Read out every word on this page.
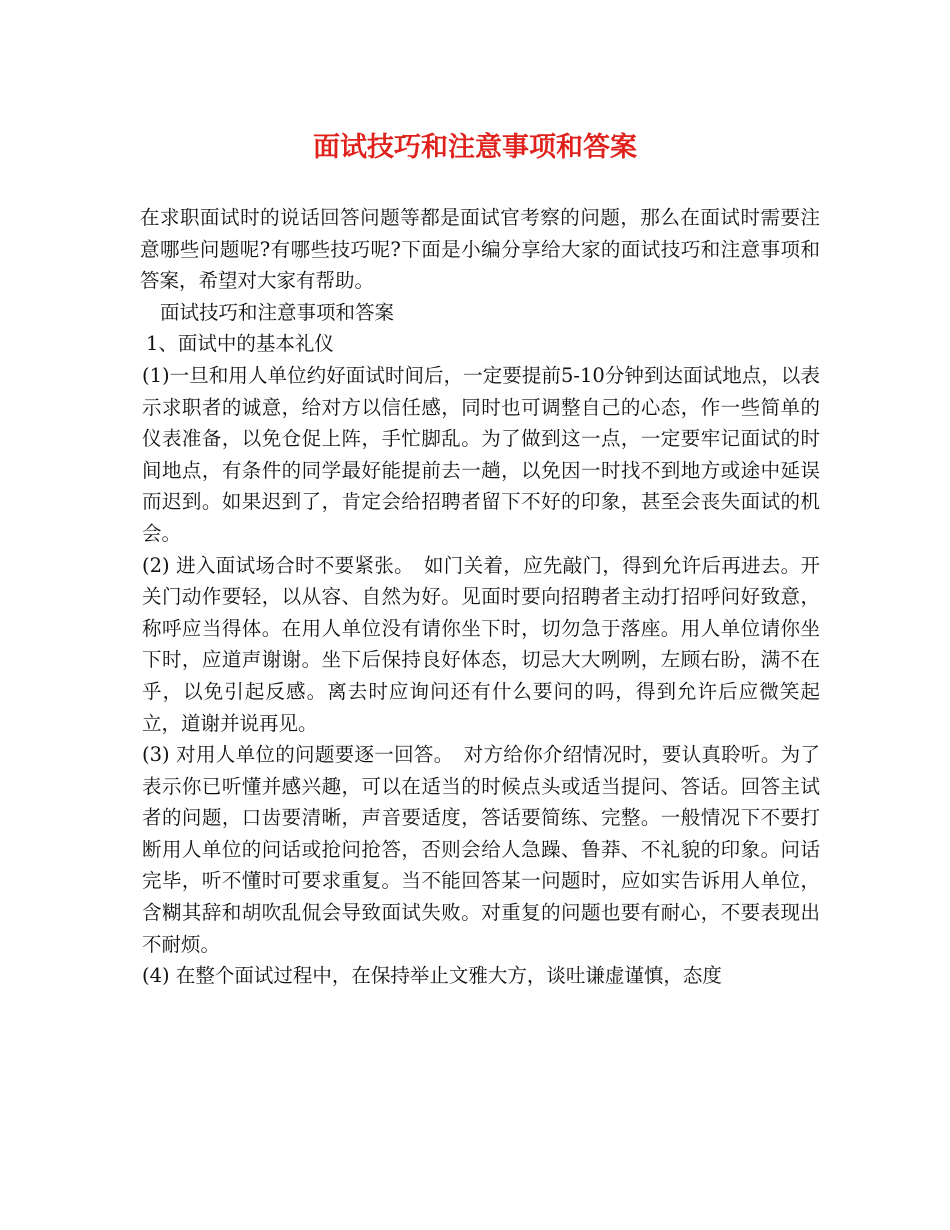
面试技巧和注意事项和答案

在求职面试时的说话回答问题等都是面试官考察的问题，那么在面试时需要注意哪些问题呢?有哪些技巧呢?下面是小编分享给大家的面试技巧和注意事项和答案，希望对大家有帮助。

面试技巧和注意事项和答案

1、面试中的基本礼仪

(1)一旦和用人单位约好面试时间后，一定要提前5-10分钟到达面试地点，以表示求职者的诚意，给对方以信任感，同时也可调整自己的心态，作一些简单的仪表准备，以免仓促上阵，手忙脚乱。为了做到这一点，一定要牢记面试的时间地点，有条件的同学最好能提前去一趟，以免因一时找不到地方或途中延误而迟到。如果迟到了，肯定会给招聘者留下不好的印象，甚至会丧失面试的机会。

(2) 进入面试场合时不要紧张。　如门关着，应先敲门，得到允许后再进去。开关门动作要轻，以从容、自然为好。见面时要向招聘者主动打招呼问好致意，称呼应当得体。在用人单位没有请你坐下时，切勿急于落座。用人单位请你坐下时，应道声谢谢。坐下后保持良好体态，切忌大大咧咧，左顾右盼，满不在乎，以免引起反感。离去时应询问还有什么要问的吗，得到允许后应微笑起立，道谢并说再见。

(3) 对用人单位的问题要逐一回答。　对方给你介绍情况时，要认真聆听。为了表示你已听懂并感兴趣，可以在适当的时候点头或适当提问、答话。回答主试者的问题，口齿要清晰，声音要适度，答话要简练、完整。一般情况下不要打断用人单位的问话或抢问抢答，否则会给人急躁、鲁莽、不礼貌的印象。问话完毕，听不懂时可要求重复。当不能回答某一问题时，应如实告诉用人单位，含糊其辞和胡吹乱侃会导致面试失败。对重复的问题也要有耐心，不要表现出不耐烦。

(4) 在整个面试过程中，在保持举止文雅大方，谈吐谦虚谨慎，态度
